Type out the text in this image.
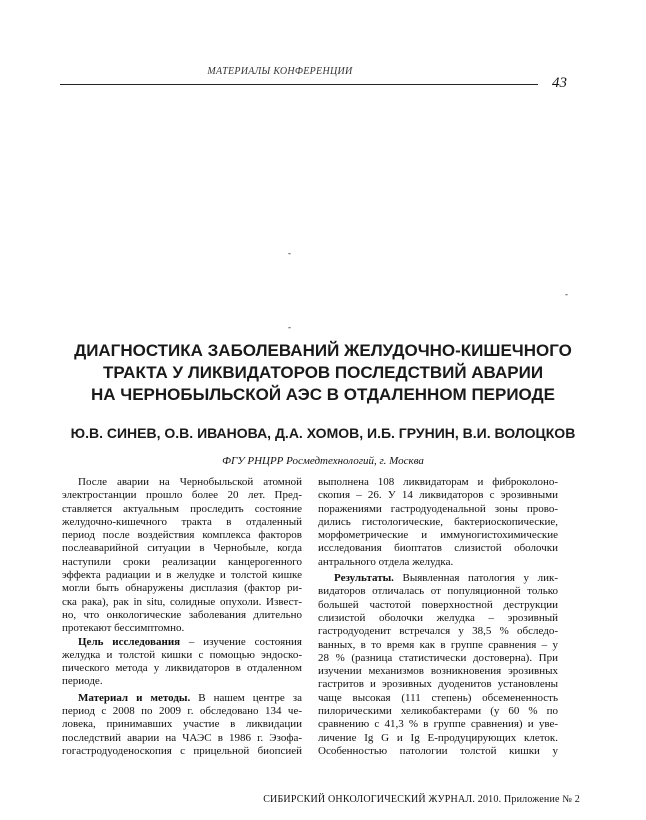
МАТЕРИАЛЫ КОНФЕРЕНЦИИ
43
-
-
-
ДИАГНОСТИКА ЗАБОЛЕВАНИЙ ЖЕЛУДОЧНО-КИШЕЧНОГО
ТРАКТА У ЛИКВИДАТОРОВ ПОСЛЕДСТВИЙ АВАРИИ
НА ЧЕРНОБЫЛЬСКОЙ АЭС В ОТДАЛЕННОМ ПЕРИОДЕ
Ю.В. СИНЕВ, О.В. ИВАНОВА, Д.А. ХОМОВ, И.Б. ГРУНИН, В.И. ВОЛОЦКОВ
ФГУ РНЦРР Росмедтехнологий, г. Москва
После аварии на Чернобыльской атомной
электростанции прошло более 20 лет. Пред-
ставляется актуальным проследить состояние
желудочно-кишечного тракта в отдаленный
период после воздействия комплекса факторов
послеаварийной ситуации в Чернобыле, когда
наступили сроки реализации канцерогенного
эффекта радиации и в желудке и толстой кишке
могли быть обнаружены дисплазия (фактор ри-
ска рака), рак in situ, солидные опухоли. Извест-
но, что онкологические заболевания длительно
протекают бессимптомно.
Цель исследования – изучение состояния
желудка и толстой кишки с помощью эндоско-
пического метода у ликвидаторов в отдаленном
периоде.
Материал и методы. В нашем центре за
период с 2008 по 2009 г. обследовано 134 че-
ловека, принимавших участие в ликвидации
последствий аварии на ЧАЭС в 1986 г. Эзофа-
гогастродуоденоскопия с прицельной биопсией
выполнена 108 ликвидаторам и фиброколоно-
скопия – 26. У 14 ликвидаторов с эрозивными
поражениями гастродуоденальной зоны прово-
дились гистологические, бактериоскопические,
морфометрические и иммуногистохимические
исследования биоптатов слизистой оболочки
антрального отдела желудка.
Результаты. Выявленная патология у лик-
видаторов отличалась от популяционной только
большей частотой поверхностной деструкции
слизистой оболочки желудка – эрозивный
гастродуоденит встречался у 38,5 % обследо-
ванных, в то время как в группе сравнения – у
28 % (разница статистически достоверна). При
изучении механизмов возникновения эрозивных
гастритов и эрозивных дуоденитов установлены
чаще высокая (111 степень) обсемененность
пилорическими хеликобактерами (у 60 % по
сравнению с 41,3 % в группе сравнения) и уве-
личение Ig G и Ig E-продуцирующих клеток.
Особенностью патологии толстой кишки у
СИБИРСКИЙ ОНКОЛОГИЧЕСКИЙ ЖУРНАЛ. 2010. Приложение № 2
